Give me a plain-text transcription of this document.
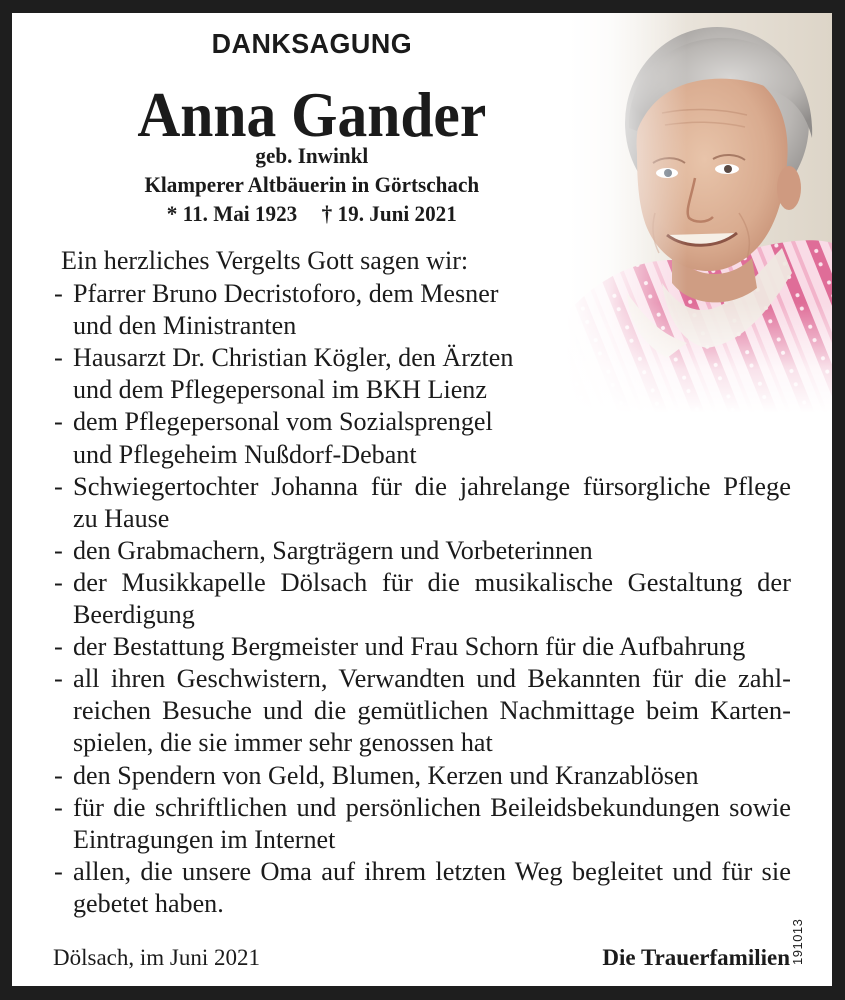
DANKSAGUNG
Anna Gander
geb. Inwinkl
Klamperer Altbäuerin in Görtschach
* 11. Mai 1923 † 19. Juni 2021
Ein herzliches Vergelts Gott sagen wir:
- Pfarrer Bruno Decristoforo, dem Mesner
und den Ministranten
- Hausarzt Dr. Christian Kögler, den Ärzten
und dem Pflegepersonal im BKH Lienz
- dem Pflegepersonal vom Sozialsprengel
und Pflegeheim Nußdorf-Debant
- Schwiegertochter Johanna für die jahrelange fürsorgliche Pflege
zu Hause
- den Grabmachern, Sargträgern und Vorbeterinnen
- der Musikkapelle Dölsach für die musikalische Gestaltung der
Beerdigung
- der Bestattung Bergmeister und Frau Schorn für die Aufbahrung
- all ihren Geschwistern, Verwandten und Bekannten für die zahl-
reichen Besuche und die gemütlichen Nachmittage beim Karten-
spielen, die sie immer sehr genossen hat
- den Spendern von Geld, Blumen, Kerzen und Kranzablösen
- für die schriftlichen und persönlichen Beileidsbekundungen sowie
Eintragungen im Internet
- allen, die unsere Oma auf ihrem letzten Weg begleitet und für sie
gebetet haben.
Dölsach, im Juni 2021	Die Trauerfamilien 191013
